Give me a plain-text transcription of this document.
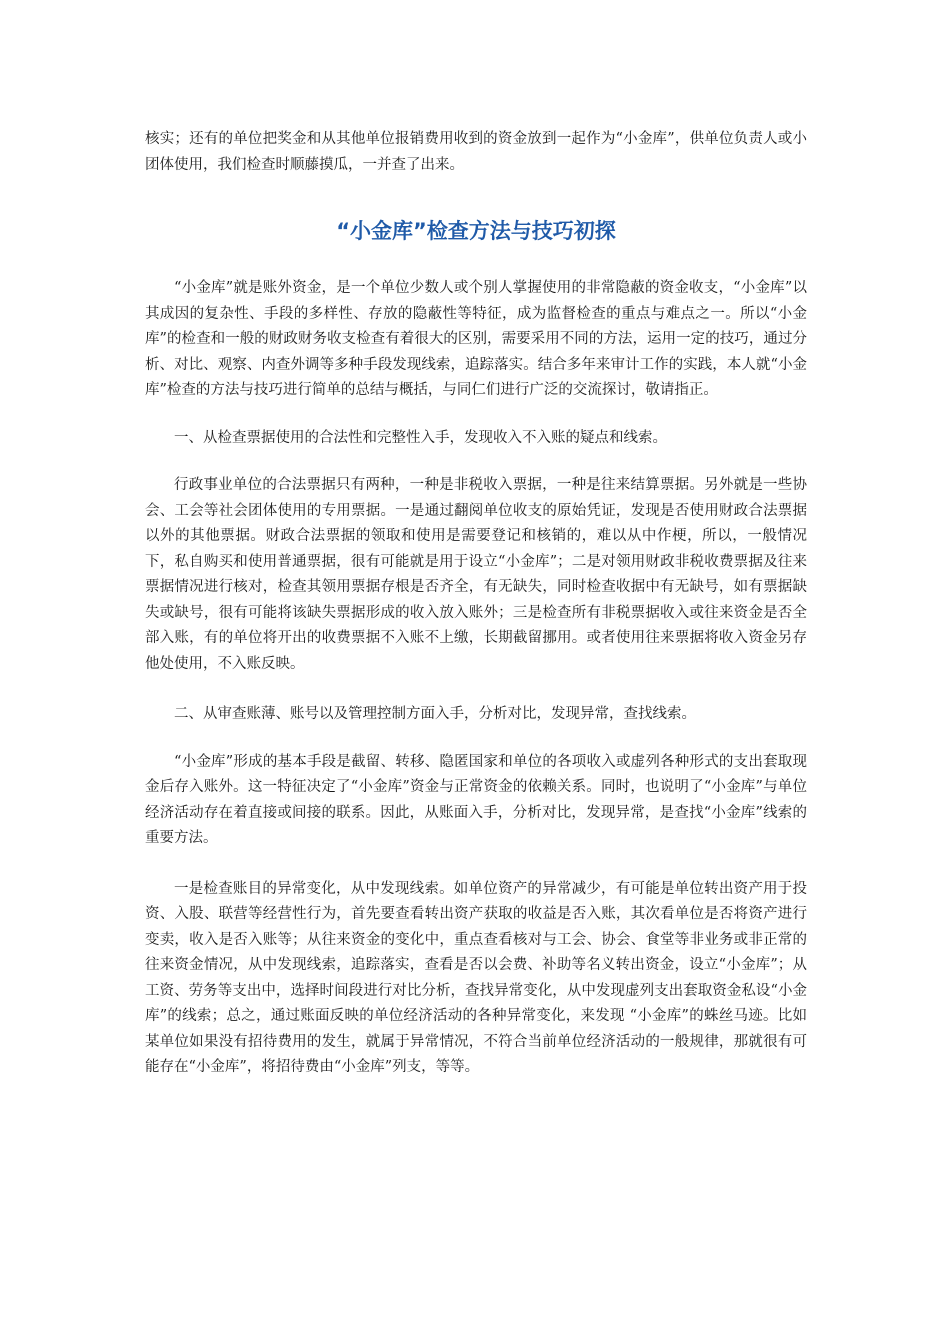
核实；还有的单位把奖金和从其他单位报销费用收到的资金放到一起作为“小金库”，供单位负责人或小团体使用，我们检查时顺藤摸瓜，一并查了出来。

“小金库”检查方法与技巧初探

“小金库”就是账外资金，是一个单位少数人或个别人掌握使用的非常隐蔽的资金收支，“小金库”以其成因的复杂性、手段的多样性、存放的隐蔽性等特征，成为监督检查的重点与难点之一。所以“小金库”的检查和一般的财政财务收支检查有着很大的区别，需要采用不同的方法，运用一定的技巧，通过分析、对比、观察、内查外调等多种手段发现线索，追踪落实。结合多年来审计工作的实践，本人就“小金库”检查的方法与技巧进行简单的总结与概括，与同仁们进行广泛的交流探讨，敬请指正。

一、从检查票据使用的合法性和完整性入手，发现收入不入账的疑点和线索。

行政事业单位的合法票据只有两种，一种是非税收入票据，一种是往来结算票据。另外就是一些协会、工会等社会团体使用的专用票据。一是通过翻阅单位收支的原始凭证，发现是否使用财政合法票据以外的其他票据。财政合法票据的领取和使用是需要登记和核销的，难以从中作梗，所以，一般情况下，私自购买和使用普通票据，很有可能就是用于设立“小金库”；二是对领用财政非税收费票据及往来票据情况进行核对，检查其领用票据存根是否齐全，有无缺失，同时检查收据中有无缺号，如有票据缺失或缺号，很有可能将该缺失票据形成的收入放入账外；三是检查所有非税票据收入或往来资金是否全部入账，有的单位将开出的收费票据不入账不上缴，长期截留挪用。或者使用往来票据将收入资金另存他处使用，不入账反映。

二、从审查账薄、账号以及管理控制方面入手，分析对比，发现异常，查找线索。

“小金库”形成的基本手段是截留、转移、隐匿国家和单位的各项收入或虚列各种形式的支出套取现金后存入账外。这一特征决定了“小金库”资金与正常资金的依赖关系。同时，也说明了“小金库”与单位经济活动存在着直接或间接的联系。因此，从账面入手，分析对比，发现异常，是查找“小金库”线索的重要方法。

一是检查账目的异常变化，从中发现线索。如单位资产的异常减少，有可能是单位转出资产用于投资、入股、联营等经营性行为，首先要查看转出资产获取的收益是否入账，其次看单位是否将资产进行变卖，收入是否入账等；从往来资金的变化中，重点查看核对与工会、协会、食堂等非业务或非正常的往来资金情况，从中发现线索，追踪落实，查看是否以会费、补助等名义转出资金，设立“小金库”；从工资、劳务等支出中，选择时间段进行对比分析，查找异常变化，从中发现虚列支出套取资金私设“小金库”的线索；总之，通过账面反映的单位经济活动的各种异常变化，来发现 “小金库”的蛛丝马迹。比如某单位如果没有招待费用的发生，就属于异常情况，不符合当前单位经济活动的一般规律，那就很有可能存在“小金库”，将招待费由“小金库”列支，等等。
